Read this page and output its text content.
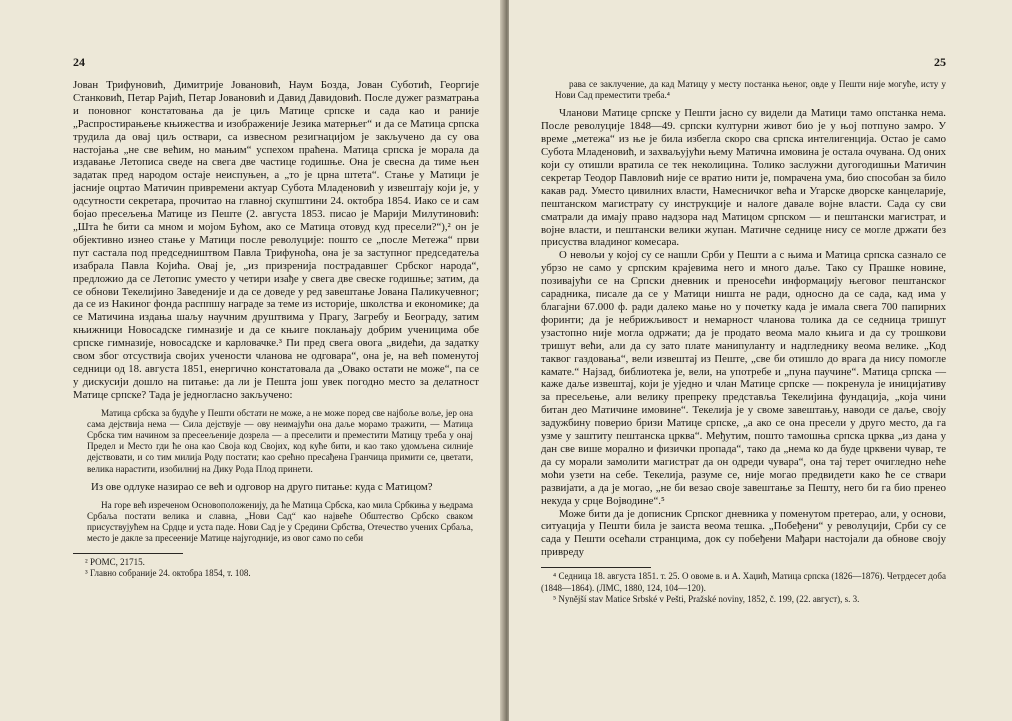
24

Јован Трифуновић, Димитрије Јовановић, Наум Бозда, Јован Суботић, Георгије Станковић, Петар Рајић, Петар Јовановић и Давид Давидовић. После дужег разматрања и поновног констатовања да је циљ Матице српске и сада као и раније „Распростирањење књижества и изображеније Језика матерњег“ и да се Матица српска трудила да овај циљ оствари, са извесном резигнацијом је закључено да су ова настојања „не све већим, но мањим“ успехом праћена. Матица српска је морала да издавање Летописа сведе на свега две частице годишње. Она је свесна да тиме њен задатак пред народом остаје неиспуњен, а „то је црна штета“. Стање у Матици је јасније оцртао Матичин привремени актуар Субота Младеновић у извештају који је, у одсутности секретара, прочитао на главној скупштини 24. октобра 1854. Иако се и сам бојао пресељења Матице из Пеште (2. августа 1853. писао је Марији Милутиновић: „Шта ће бити са мном и мојом Бућом, ако се Матица отовуд куд пресели?“),² он је објективно изнео стање у Матици после револуције: пошто се „после Метежа“ први пут састала под председништвом Павла Трифуноћа, она је за заступног председатеља изабрала Павла Којића. Овај је, „из призренија пострадавшег Србског народа“, предложио да се Летопис уместо у четири изађе у свега две свеске годишње; затим, да се обнови Текелијино Заведеније и да се доведе у ред завештање Јована Паликучевног; да се из Накиног фонда расппшу награде за теме из историје, школства и економике; да се Матичина издања шаљу научним друштвима у Прагу, Загребу и Београду, затим књижници Новосадске гимназије и да се књиге поклањају добрим ученицима обе српске гимназије, новосадске и карловачке.³ Пи пред свега овога „видећи, да задатку свом због отсуствија својих учености чланова не одговара“, она је, на већ поменутој седници од 18. августа 1851, енергично констатовала да „Овако остати не може“, па се у дискусији дошло на питање: да ли је Пешта још увек погодно место за делатност Матице српске? Тада је једногласно закључено:

Матица србска за будуће у Пешти обстати не може, а не може поред све најбоље воље, јер она сама дејствија нема — Сила дејствује — ову неимајући она даље морамо тражити, — Матица Србска тим начином за пресеељеније дозрела — а преселити и преместити Матицу треба у онај Предел и Место гди ће она као Своја код Својих, код куће бити, и као тако удомљена силније дејствовати, и со тим милија Роду постати; као срећно пресађена Гранчица примити се, цветати, велика нарастити, изобилниј на Дику Рода Плод принети.

Из ове одлуке назирао се већ и одговор на друго питање: куда с Матицом?

На горе већ изреченом Основоположенију, да ће Матица Србска, као мила Србкиња у њедрама Србаља постати велика и славна, „Нови Сад“ као највеће Обштество Србско сваком присуствујућем на Срдце и уста паде. Нови Сад је у Средини Србства, Отечество учених Србаља, место је дакле за пресееније Матице најугодније, из овог само по себи

² РОМС, 21715.

³ Главно собраније 24. октобра 1854, т. 108.

25
рава се заклучение, да кад Матицу у месту постанка њеног, овде у Пешти није могуће, исту у Нови Сад преместити треба.⁴

Чланови Матице српске у Пешти јасно су видели да Матици тамо опстанка нема. После револуције 1848—49. српски културни живот био је у њој потпуно замро. У време „метежа“ из ње је била избегла скоро сва српска интелигенција. Остао је само Субота Младеновић, и захваљујући њему Матична имовина је остала очувана. Од оних који су отишли вратила се тек неколицина. Толико заслужни дугогодишњи Матичин секретар Теодор Павловић није се вратио нити је, помрачена ума, био способан за било какав рад. Уместо цивилних власти, Намесничког већа и Угарске дворске канцеларије, пештанском магистрату су инструкције и налоге давале војне власти. Сада су сви сматрали да имају право надзора над Матицом српском — и пештански магистрат, и војне власти, и пештански велики жупан. Матичне седнице нису се могле држати без присуства владиног комесара.

О невољи у којој су се нашли Срби у Пешти а с њима и Матица српска сазнало се убрзо не само у српским крајевима него и много даље. Тако су Прашке новине, позивајући се на Српски дневник и преносећи информацију његовог пештанског сарадника, писале да се у Матици ништа не ради, односно да се сада, кад има у благајни 67.000 ф. ради далеко мање но у почетку када је имала свега 700 папирних форинти; да је небрижљивост и немарност чланова толика да се седница тришут узастопно није могла одржати; да је продато веома мало књига и да су трошкови тришут већи, али да су зато плате манипуланту и надгледнику веома велике. „Код таквог газдовања“, вели извештај из Пеште, „све би отишло до врага да нису помогле камате.“ Најзад, библиотека је, вели, на употребе и „пуна паучине“. Матица српска — каже даље извештај, који је уједно и члан Матице српске — покренула је иницијативу за пресељење, али велику препреку представља Текелијина фундација, „која чини битан део Матичине имовине“. Текелија је у своме завештању, наводи се даље, своју задужбину поверио бризи Матице српске, „а ако се она пресели у друго место, да га узме у заштиту пештанска црква“. Међутим, пошто тамошња српска црква „из дана у дан све више морално и физички пропада“, тако да „нема ко да буде црквени чувар, те да су морали замолити магистрат да он одреди чувара“, она тај терет очигледно неће моћи узети на себе. Текелија, разуме се, није могао предвидети како ће се ствари развијати, а да је могао, „не би везао своје завештање за Пешту, него би га био пренео некуда у срце Војводине“.⁵

Може бити да је дописник Српског дневника у поменутом претерао, али, у основи, ситуација у Пешти била је заиста веома тешка. „Побеђени“ у револуцији, Срби су се сада у Пешти осећали странцима, док су побеђени Мађари настојали да обнове своју привреду

⁴ Седница 18. августа 1851. т. 25. О овоме в. и А. Хаџић, Матица српска (1826—1876). Четрдесет доба (1848—1864). (ЛМС, 1880, 124, 104—120).

⁵ Nynější stav Matice Srbské v Pešti, Pražské noviny, 1852, č. 199, (22. август), s. 3.
